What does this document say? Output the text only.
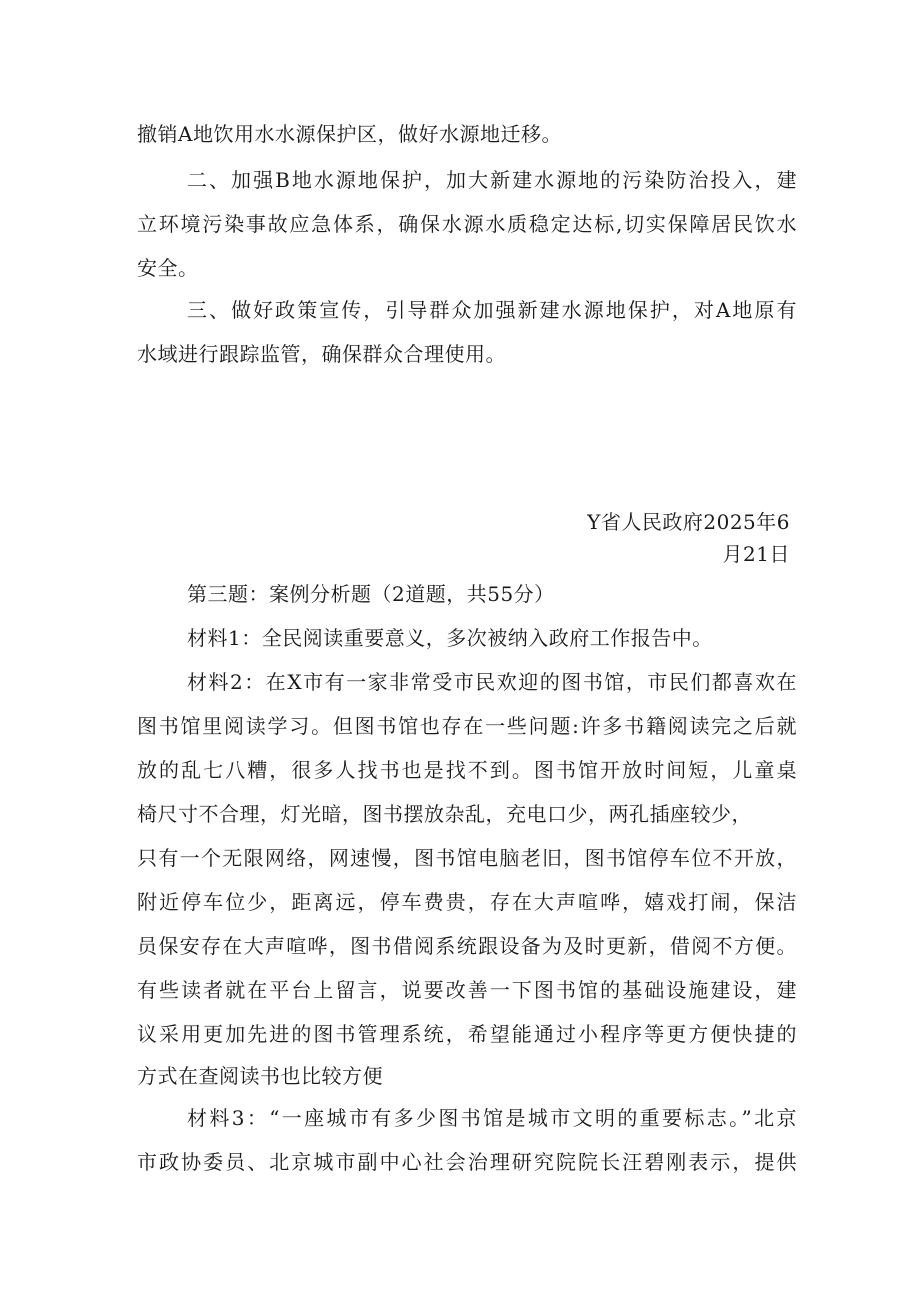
撤销A地饮用水水源保护区，做好水源地迁移。
二、加强B地水源地保护，加大新建水源地的污染防治投入，建
立环境污染事故应急体系，确保水源水质稳定达标,切实保障居民饮水
安全。
三、做好政策宣传，引导群众加强新建水源地保护，对A地原有
水域进行跟踪监管，确保群众合理使用。
Y省人民政府2025年6
月21日
第三题：案例分析题（2道题，共55分）
材料1：全民阅读重要意义，多次被纳入政府工作报告中。
材料2：在X市有一家非常受市民欢迎的图书馆，市民们都喜欢在
图书馆里阅读学习。但图书馆也存在一些问题:许多书籍阅读完之后就
放的乱七八糟，很多人找书也是找不到。图书馆开放时间短，儿童桌
椅尺寸不合理，灯光暗，图书摆放杂乱，充电口少，两孔插座较少，
只有一个无限网络，网速慢，图书馆电脑老旧，图书馆停车位不开放，
附近停车位少，距离远，停车费贵，存在大声喧哗，嬉戏打闹，保洁
员保安存在大声喧哗，图书借阅系统跟设备为及时更新，借阅不方便。
有些读者就在平台上留言，说要改善一下图书馆的基础设施建设，建
议采用更加先进的图书管理系统，希望能通过小程序等更方便快捷的
方式在查阅读书也比较方便
材料3：“一座城市有多少图书馆是城市文明的重要标志。”北京
市政协委员、北京城市副中心社会治理研究院院长汪碧刚表示，提供
